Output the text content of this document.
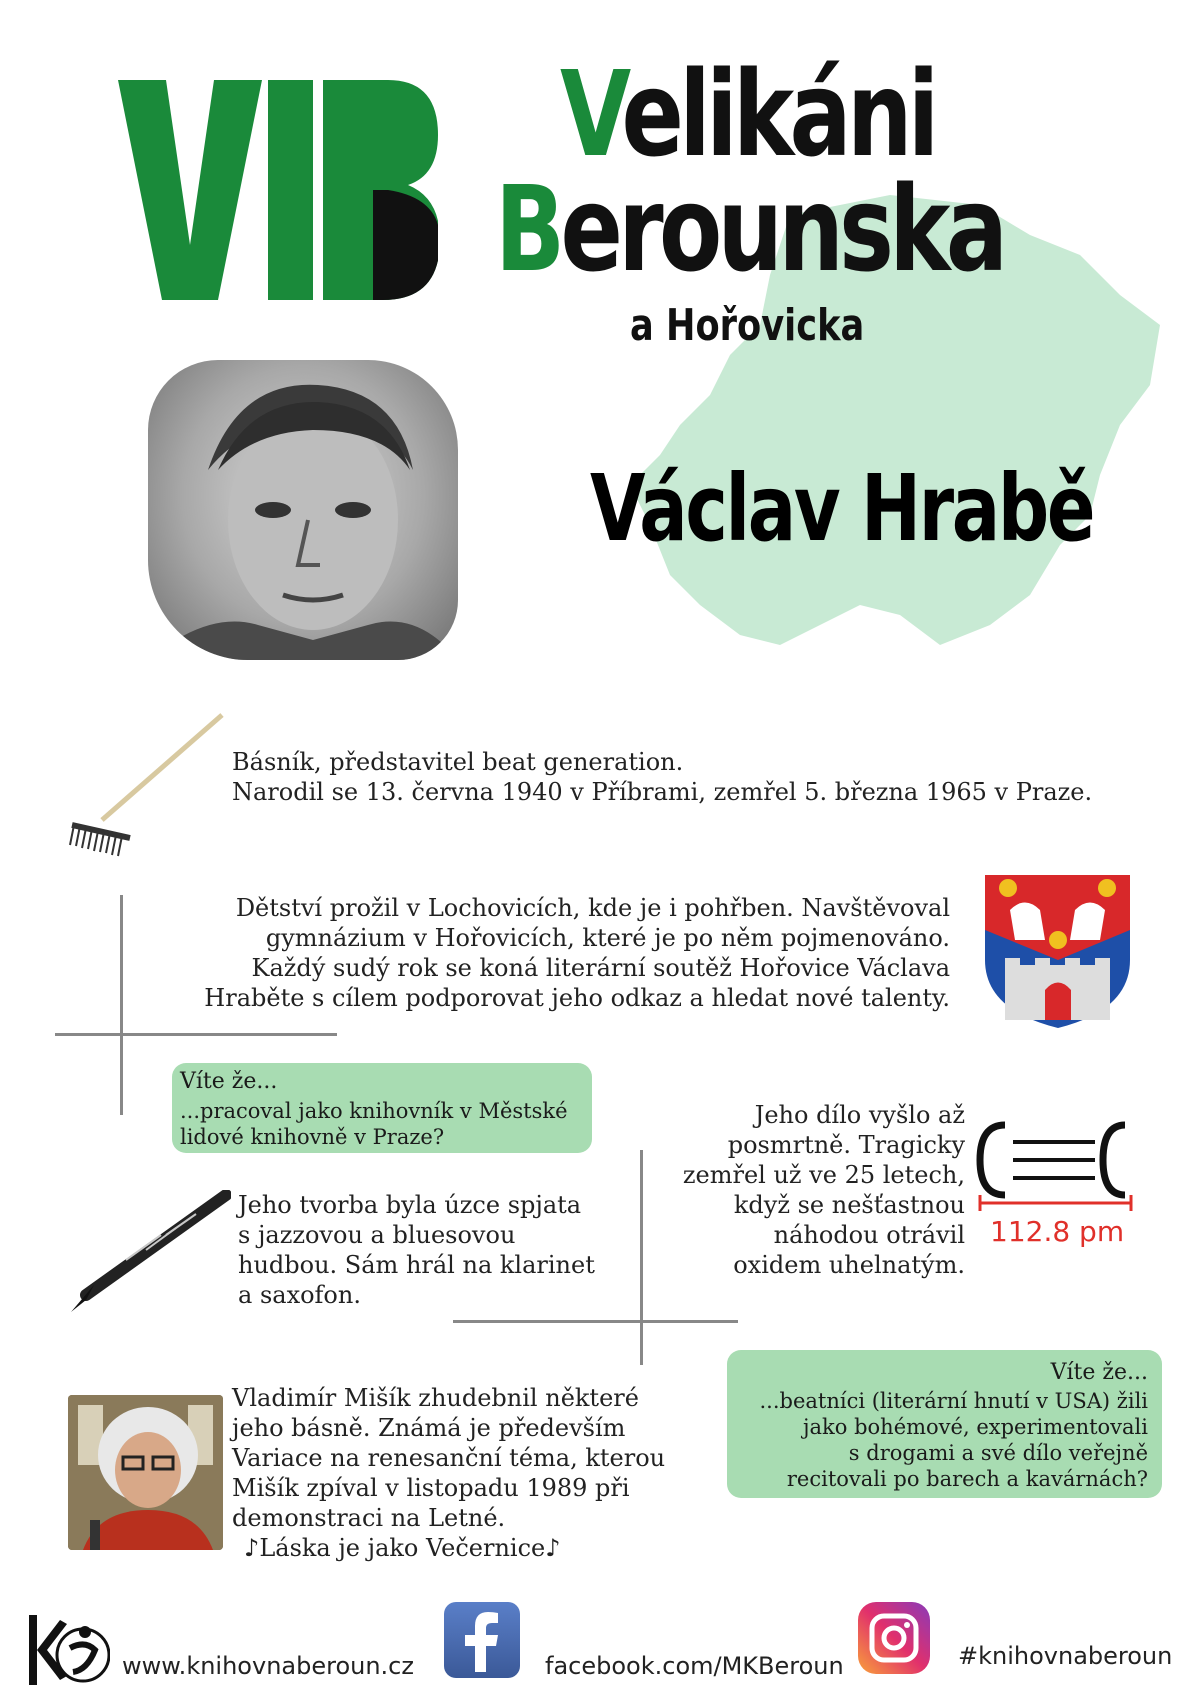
Velikáni
Berounska
a Hořovicka
Václav Hrabě
Básník, představitel beat generation.
Narodil se 13. června 1940 v Příbrami, zemřel 5. března 1965 v Praze.
Dětství prožil v Lochovicích, kde je i pohřben. Navštěvoval
gymnázium v Hořovicích, které je po něm pojmenováno.
Každý sudý rok se koná literární soutěž Hořovice Václava
Hraběte s cílem podporovat jeho odkaz a hledat nové talenty.
Víte že...
...pracoval jako knihovník v Městské
lidové knihovně v Praze?
Jeho dílo vyšlo až
posmrtně. Tragicky
zemřel už ve 25 letech,
když se nešťastnou
náhodou otrávil
oxidem uhelnatým.
112.8 pm
Jeho tvorba byla úzce spjata
s jazzovou a bluesovou
hudbou. Sám hrál na klarinet
a saxofon.
Vladimír Mišík zhudebnil některé
jeho básně. Známá je především
Variace na renesanční téma, kterou
Mišík zpíval v listopadu 1989 při
demonstraci na Letné.
♪Láska je jako Večernice♪
Víte že...
...beatníci (literární hnutí v USA) žili
jako bohémové, experimentovali
s drogami a své dílo veřejně
recitovali po barech a kavárnách?
www.knihovnaberoun.cz	facebook.com/MKBeroun	#knihovnaberoun
